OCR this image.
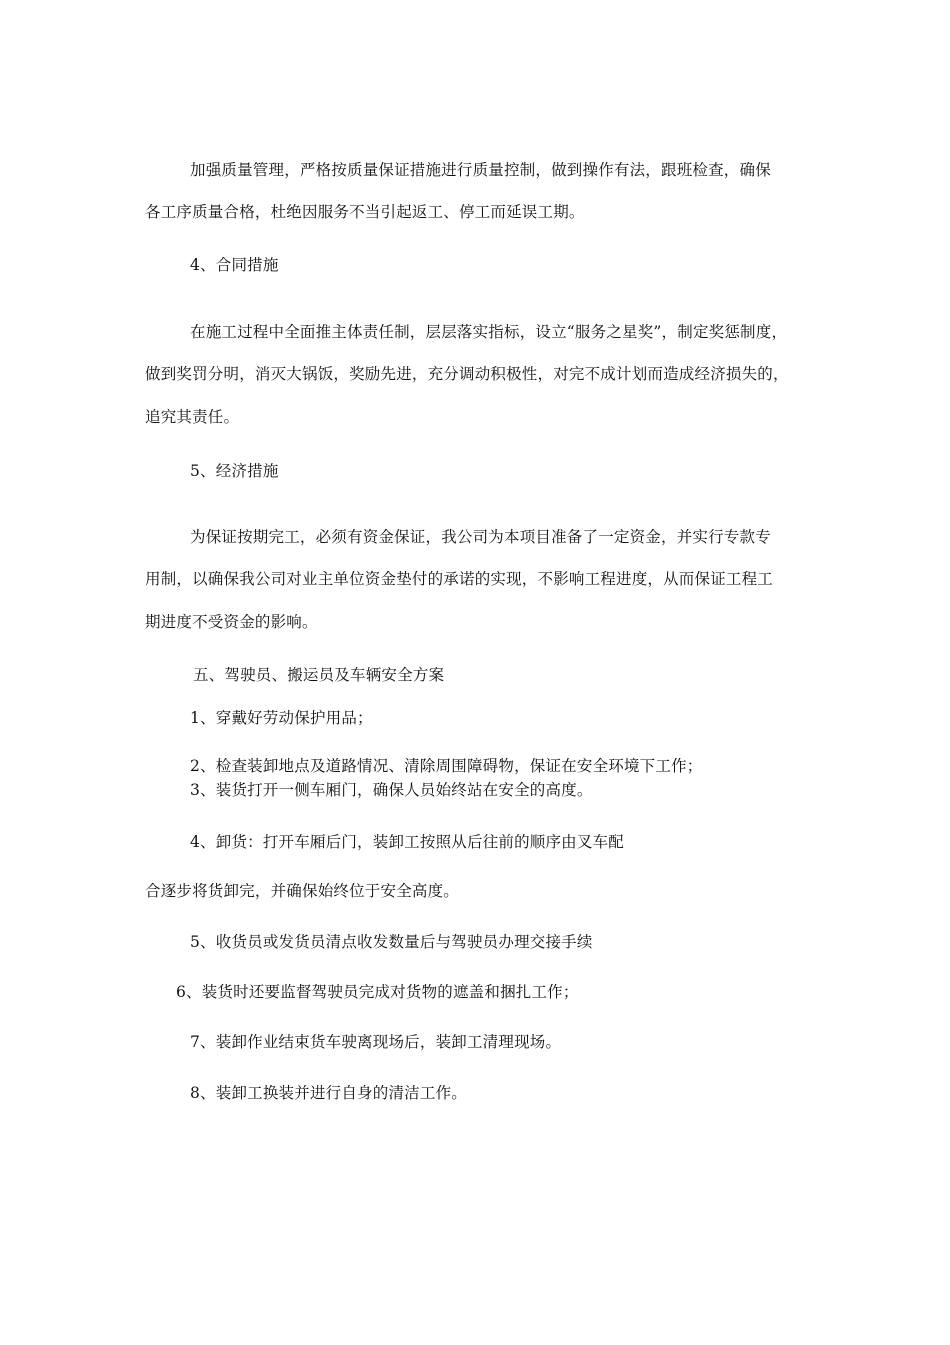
加强质量管理，严格按质量保证措施进行质量控制，做到操作有法，跟班检查，确保
各工序质量合格，杜绝因服务不当引起返工、停工而延误工期。
4、合同措施
在施工过程中全面推主体责任制，层层落实指标，设立“服务之星奖”，制定奖惩制度，
做到奖罚分明，消灭大锅饭，奖励先进，充分调动积极性，对完不成计划而造成经济损失的，
追究其责任。
5、经济措施
为保证按期完工，必须有资金保证，我公司为本项目准备了一定资金，并实行专款专
用制，以确保我公司对业主单位资金垫付的承诺的实现，不影响工程进度，从而保证工程工
期进度不受资金的影响。
五、驾驶员、搬运员及车辆安全方案
1、穿戴好劳动保护用品；
2、检查装卸地点及道路情况、清除周围障碍物，保证在安全环境下工作；
3、装货打开一侧车厢门，确保人员始终站在安全的高度。
4、卸货：打开车厢后门，装卸工按照从后往前的顺序由叉车配
合逐步将货卸完，并确保始终位于安全高度。
5、收货员或发货员清点收发数量后与驾驶员办理交接手续
6、装货时还要监督驾驶员完成对货物的遮盖和捆扎工作；
7、装卸作业结束货车驶离现场后，装卸工清理现场。
8、装卸工换装并进行自身的清洁工作。
